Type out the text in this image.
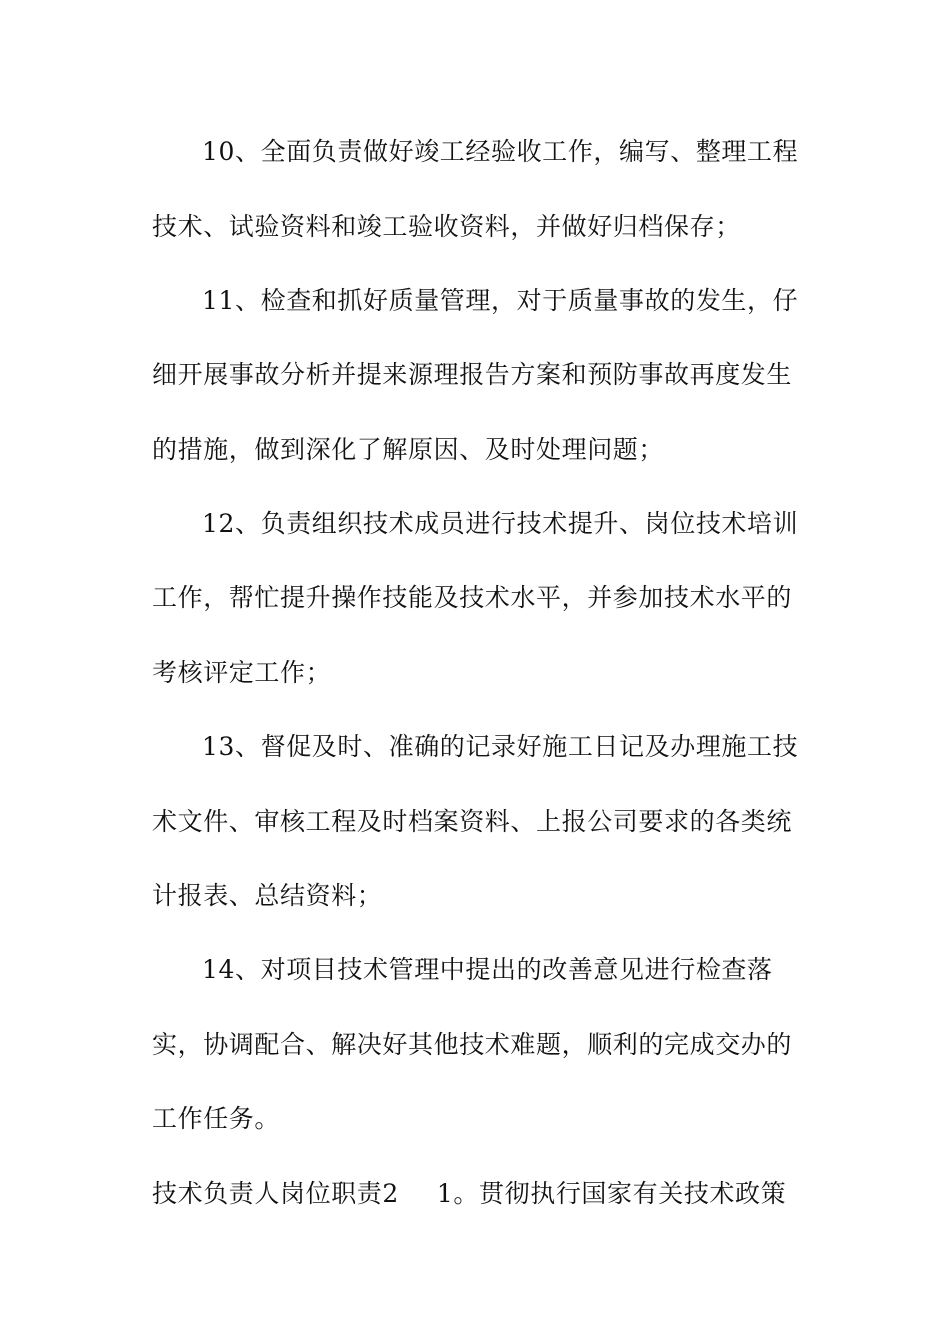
10、全面负责做好竣工经验收工作，编写、整理工程
技术、试验资料和竣工验收资料，并做好归档保存；
11、检查和抓好质量管理，对于质量事故的发生，仔
细开展事故分析并提来源理报告方案和预防事故再度发生
的措施，做到深化了解原因、及时处理问题；
12、负责组织技术成员进行技术提升、岗位技术培训
工作，帮忙提升操作技能及技术水平，并参加技术水平的
考核评定工作；
13、督促及时、准确的记录好施工日记及办理施工技
术文件、审核工程及时档案资料、上报公司要求的各类统
计报表、总结资料；
14、对项目技术管理中提出的改善意见进行检查落
实，协调配合、解决好其他技术难题，顺利的完成交办的
工作任务。
技术负责人岗位职责2 1。贯彻执行国家有关技术政策
